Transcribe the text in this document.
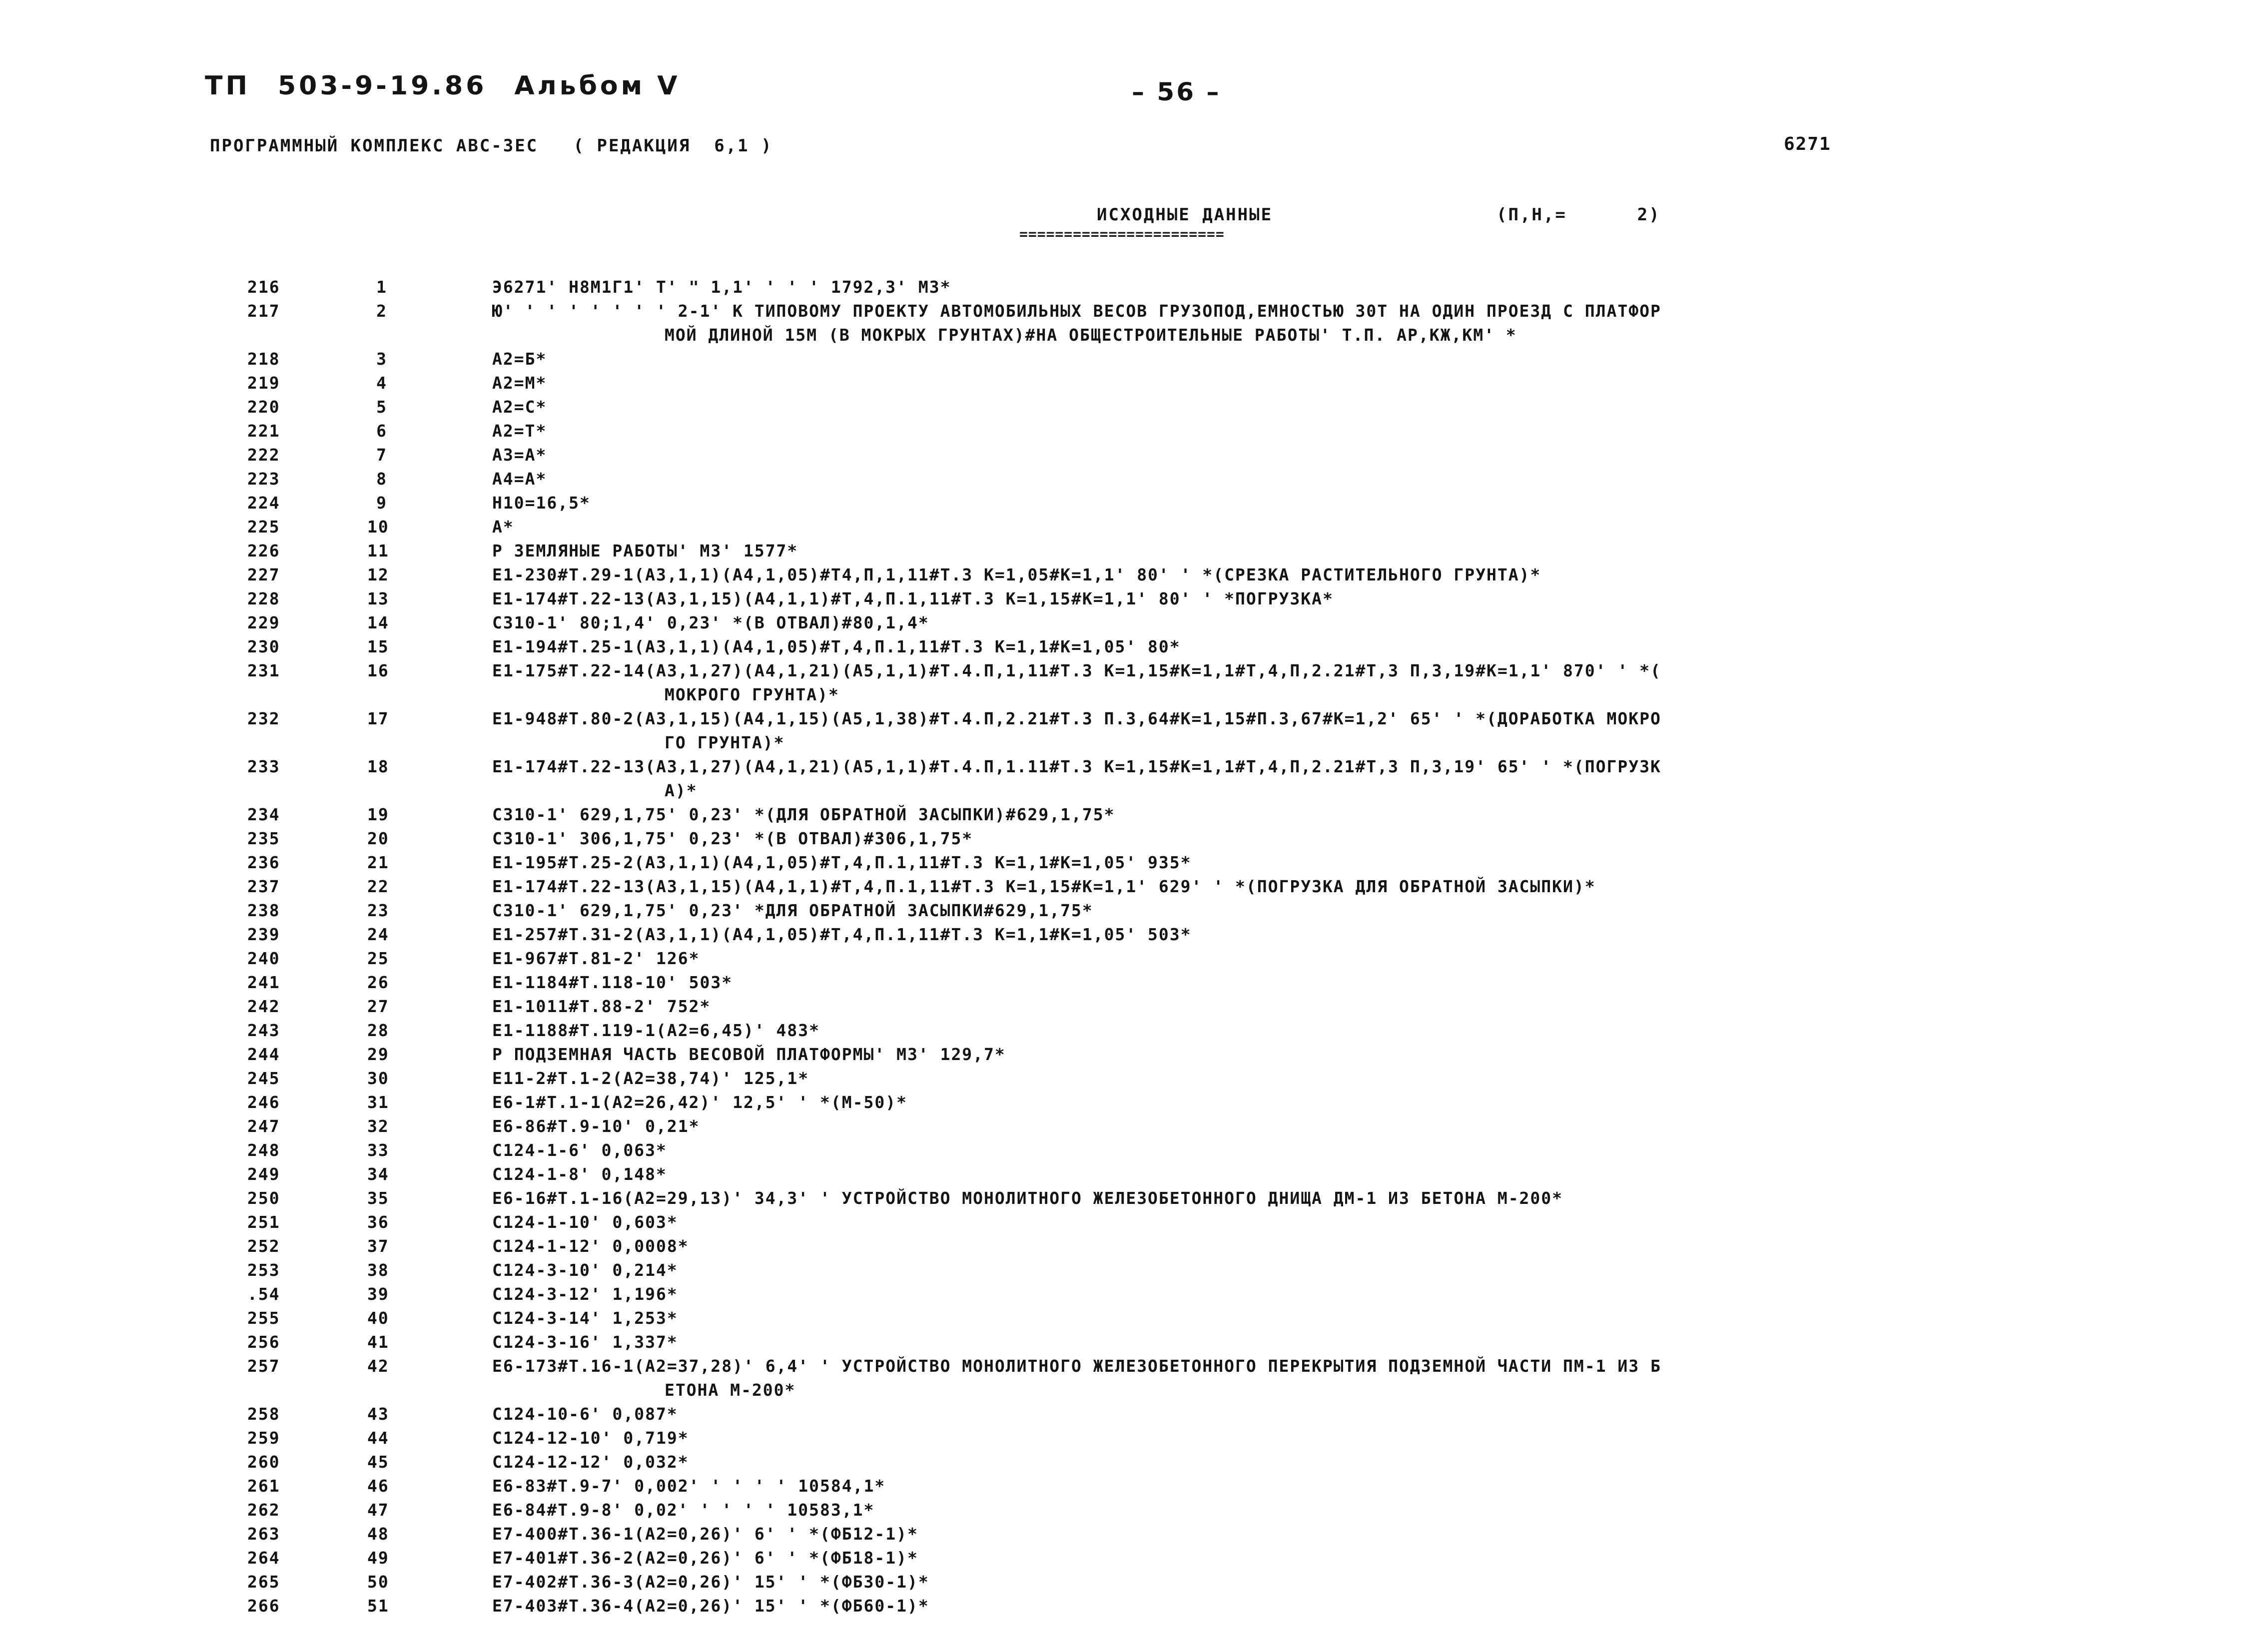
ТП 503-9-19.86 Альбом V	– 56 –
ПРОГРАММНЫЙ КОМПЛЕКС АВС-3ЕС   ( РЕДАКЦИЯ  6,1 )	6271
ИСХОДНЫЕ ДАННЫЕ	(П,Н,=      2)
=======================
216	1	Э6271' Н8М1Г1' Т' " 1,1' ' ' ' 1792,3' М3*
217	2	Ю' ' ' ' ' ' ' ' 2-1' К ТИПОВОМУ ПРОЕКТУ АВТОМОБИЛЬНЫХ ВЕСОВ ГРУЗОПОД,ЕМНОСТЬЮ 30Т НА ОДИН ПРОЕЗД С ПЛАТФОР
МОЙ ДЛИНОЙ 15М (В МОКРЫХ ГРУНТАХ)#НА ОБЩЕСТРОИТЕЛЬНЫЕ РАБОТЫ' Т.П. АР,КЖ,КМ' *
218	3	А2=Б*
219	4	А2=М*
220	5	А2=С*
221	6	А2=Т*
222	7	А3=А*
223	8	А4=А*
224	9	Н10=16,5*
225	10	А*
226	11	Р ЗЕМЛЯНЫЕ РАБОТЫ' М3' 1577*
227	12	Е1-230#Т.29-1(А3,1,1)(А4,1,05)#Т4,П,1,11#Т.3 К=1,05#К=1,1' 80' ' *(СРЕЗКА РАСТИТЕЛЬНОГО ГРУНТА)*
228	13	Е1-174#Т.22-13(А3,1,15)(А4,1,1)#Т,4,П.1,11#Т.3 К=1,15#К=1,1' 80' ' *ПОГРУЗКА*
229	14	С310-1' 80;1,4' 0,23' *(В ОТВАЛ)#80,1,4*
230	15	Е1-194#Т.25-1(А3,1,1)(А4,1,05)#Т,4,П.1,11#Т.3 К=1,1#К=1,05' 80*
231	16	Е1-175#Т.22-14(А3,1,27)(А4,1,21)(А5,1,1)#Т.4.П,1,11#Т.3 К=1,15#К=1,1#Т,4,П,2.21#Т,3 П,3,19#К=1,1' 870' ' *(
МОКРОГО ГРУНТА)*
232	17	Е1-948#Т.80-2(А3,1,15)(А4,1,15)(А5,1,38)#Т.4.П,2.21#Т.3 П.3,64#К=1,15#П.3,67#К=1,2' 65' ' *(ДОРАБОТКА МОКРО
ГО ГРУНТА)*
233	18	Е1-174#Т.22-13(А3,1,27)(А4,1,21)(А5,1,1)#Т.4.П,1.11#Т.3 К=1,15#К=1,1#Т,4,П,2.21#Т,3 П,3,19' 65' ' *(ПОГРУЗК
А)*
234	19	С310-1' 629,1,75' 0,23' *(ДЛЯ ОБРАТНОЙ ЗАСЫПКИ)#629,1,75*
235	20	С310-1' 306,1,75' 0,23' *(В ОТВАЛ)#306,1,75*
236	21	Е1-195#Т.25-2(А3,1,1)(А4,1,05)#Т,4,П.1,11#Т.3 К=1,1#К=1,05' 935*
237	22	Е1-174#Т.22-13(А3,1,15)(А4,1,1)#Т,4,П.1,11#Т.3 К=1,15#К=1,1' 629' ' *(ПОГРУЗКА ДЛЯ ОБРАТНОЙ ЗАСЫПКИ)*
238	23	С310-1' 629,1,75' 0,23' *ДЛЯ ОБРАТНОЙ ЗАСЫПКИ#629,1,75*
239	24	Е1-257#Т.31-2(А3,1,1)(А4,1,05)#Т,4,П.1,11#Т.3 К=1,1#К=1,05' 503*
240	25	Е1-967#Т.81-2' 126*
241	26	Е1-1184#Т.118-10' 503*
242	27	Е1-1011#Т.88-2' 752*
243	28	Е1-1188#Т.119-1(А2=6,45)' 483*
244	29	Р ПОДЗЕМНАЯ ЧАСТЬ ВЕСОВОЙ ПЛАТФОРМЫ' М3' 129,7*
245	30	Е11-2#Т.1-2(А2=38,74)' 125,1*
246	31	Е6-1#Т.1-1(А2=26,42)' 12,5' ' *(М-50)*
247	32	Е6-86#Т.9-10' 0,21*
248	33	С124-1-6' 0,063*
249	34	С124-1-8' 0,148*
250	35	Е6-16#Т.1-16(А2=29,13)' 34,3' ' УСТРОЙСТВО МОНОЛИТНОГО ЖЕЛЕЗОБЕТОННОГО ДНИЩА ДМ-1 ИЗ БЕТОНА М-200*
251	36	С124-1-10' 0,603*
252	37	С124-1-12' 0,0008*
253	38	С124-3-10' 0,214*
.54	39	С124-3-12' 1,196*
255	40	С124-3-14' 1,253*
256	41	С124-3-16' 1,337*
257	42	Е6-173#Т.16-1(А2=37,28)' 6,4' ' УСТРОЙСТВО МОНОЛИТНОГО ЖЕЛЕЗОБЕТОННОГО ПЕРЕКРЫТИЯ ПОДЗЕМНОЙ ЧАСТИ ПМ-1 ИЗ Б
ЕТОНА М-200*
258	43	С124-10-6' 0,087*
259	44	С124-12-10' 0,719*
260	45	С124-12-12' 0,032*
261	46	Е6-83#Т.9-7' 0,002' ' ' ' ' 10584,1*
262	47	Е6-84#Т.9-8' 0,02' ' ' ' ' 10583,1*
263	48	Е7-400#Т.36-1(А2=0,26)' 6' ' *(ФБ12-1)*
264	49	Е7-401#Т.36-2(А2=0,26)' 6' ' *(ФБ18-1)*
265	50	Е7-402#Т.36-3(А2=0,26)' 15' ' *(ФБ30-1)*
266	51	Е7-403#Т.36-4(А2=0,26)' 15' ' *(ФБ60-1)*
